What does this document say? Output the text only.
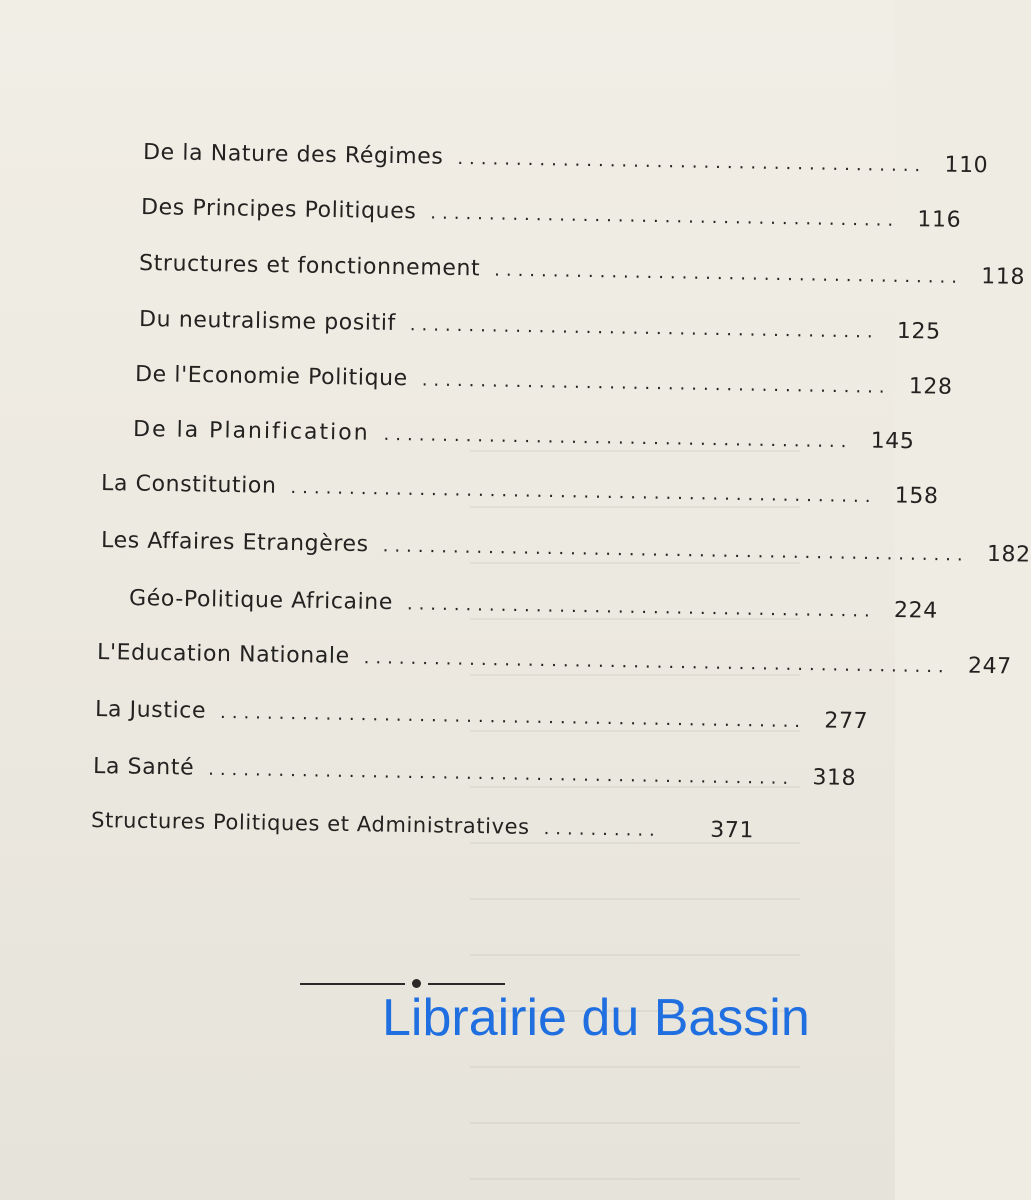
De la Nature des Régimes ........................................ 110
Des Principes Politiques ........................................ 116
Structures et fonctionnement ........................................ 118
Du neutralisme positif ........................................ 125
De l'Economie Politique ........................................ 128
De la Planification ........................................ 145
La Constitution .................................................. 158
Les Affaires Etrangères .................................................. 182
Géo-Politique Africaine ........................................ 224
L'Education Nationale .................................................. 247
La Justice .................................................. 277
La Santé .................................................. 318
Structures Politiques et Administratives ..........	371
Librairie du Bassin
